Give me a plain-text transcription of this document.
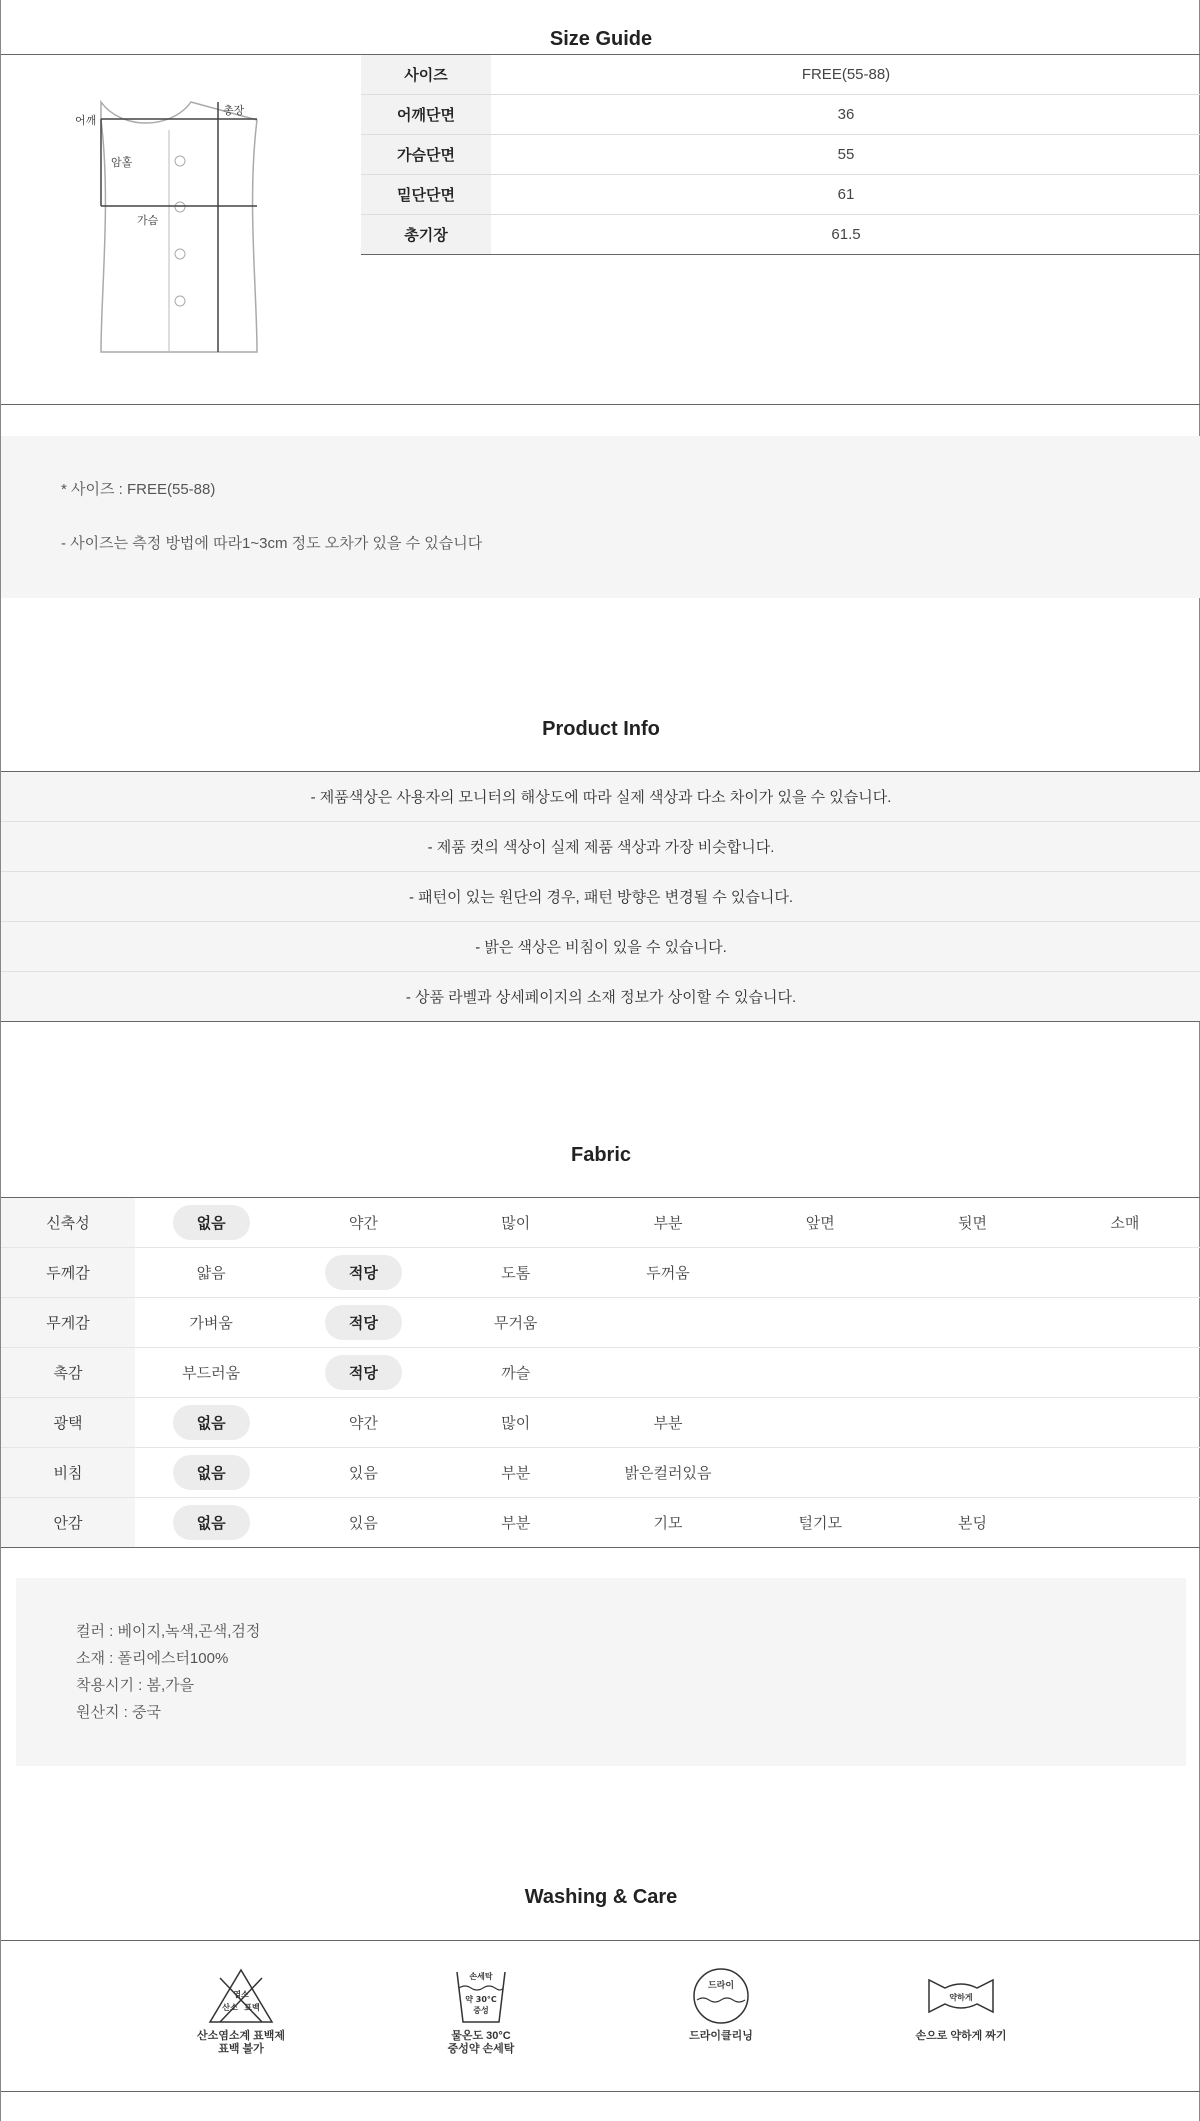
Size Guide
어깨
총장
암홀
가슴
사이즈	FREE(55-88)
어깨단면	36
가슴단면	55
밑단단면	61
총기장	61.5
* 사이즈 : FREE(55-88)
- 사이즈는 측정 방법에 따라1~3cm 정도 오차가 있을 수 있습니다
Product Info
- 제품색상은 사용자의 모니터의 해상도에 따라 실제 색상과 다소 차이가 있을 수 있습니다.
- 제품 컷의 색상이 실제 제품 색상과 가장 비슷합니다.
- 패턴이 있는 원단의 경우, 패턴 방향은 변경될 수 있습니다.
- 밝은 색상은 비침이 있을 수 있습니다.
- 상품 라벨과 상세페이지의 소재 정보가 상이할 수 있습니다.
Fabric
신축성	없음	약간	많이	부분	앞면	뒷면	소매
두께감	얇음	적당	도톰	두꺼움
무게감	가벼움	적당	무거움
촉감	부드러움	적당	까슬
광택	없음	약간	많이	부분
비침	없음	있음	부분	밝은컬러있음
안감	없음	있음	부분	기모	털기모	본딩
컬러 : 베이지,녹색,곤색,검정
소재 : 폴리에스터100%
착용시기 : 봄,가을
원산지 : 중국
Washing & Care
염소
산소 표백
산소염소계 표백제
표백 불가
손세탁
약 30°C
중성
물온도 30°C
중성약 손세탁
드라이
드라이클리닝
약하게
손으로 약하게 짜기
